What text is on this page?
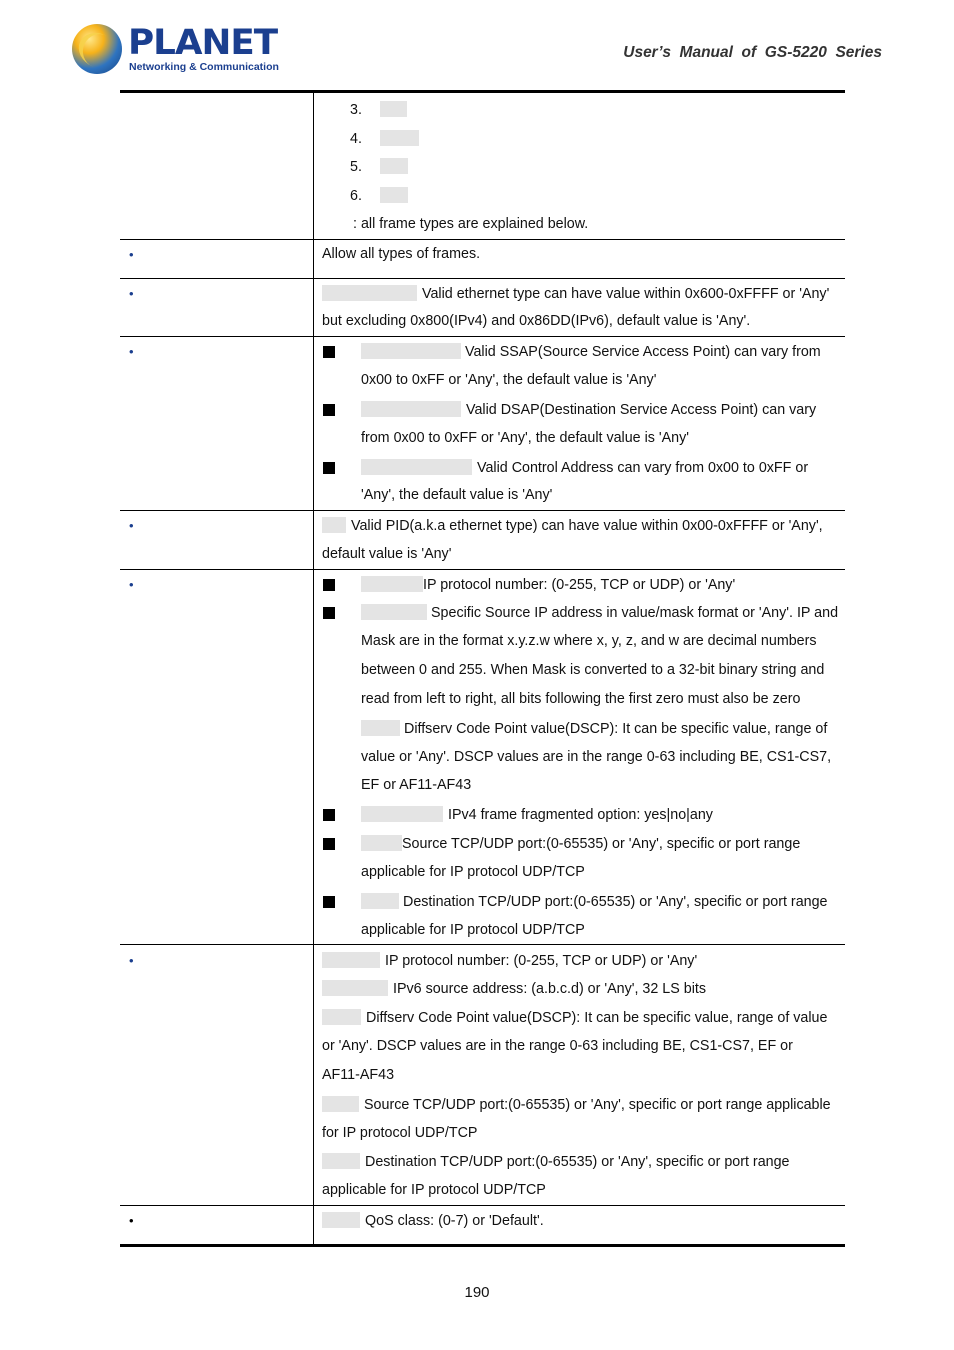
PLANET
Networking & Communication
User’s  Manual  of  GS-5220  Series
3.
4.
5.
6.
: all frame types are explained below.
•	Allow all types of frames.
•	Valid ethernet type can have value within 0x600-0xFFFF or 'Any'
but excluding 0x800(IPv4) and 0x86DD(IPv6), default value is 'Any'.
•	Valid SSAP(Source Service Access Point) can vary from
0x00 to 0xFF or 'Any', the default value is 'Any'
Valid DSAP(Destination Service Access Point) can vary
from 0x00 to 0xFF or 'Any', the default value is 'Any'
Valid Control Address can vary from 0x00 to 0xFF or
'Any', the default value is 'Any'
•	Valid PID(a.k.a ethernet type) can have value within 0x00-0xFFFF or 'Any',
default value is 'Any'
•	IP protocol number: (0-255, TCP or UDP) or 'Any'
Specific Source IP address in value/mask format or 'Any'. IP and
Mask are in the format x.y.z.w where x, y, z, and w are decimal numbers
between 0 and 255. When Mask is converted to a 32-bit binary string and
read from left to right, all bits following the first zero must also be zero
Diffserv Code Point value(DSCP): It can be specific value, range of
value or 'Any'. DSCP values are in the range 0-63 including BE, CS1-CS7,
EF or AF11-AF43
IPv4 frame fragmented option: yes|no|any
Source TCP/UDP port:(0-65535) or 'Any', specific or port range
applicable for IP protocol UDP/TCP
Destination TCP/UDP port:(0-65535) or 'Any', specific or port range
applicable for IP protocol UDP/TCP
•	IP protocol number: (0-255, TCP or UDP) or 'Any'
IPv6 source address: (a.b.c.d) or 'Any', 32 LS bits
Diffserv Code Point value(DSCP): It can be specific value, range of value
or 'Any'. DSCP values are in the range 0-63 including BE, CS1-CS7, EF or
AF11-AF43
Source TCP/UDP port:(0-65535) or 'Any', specific or port range applicable
for IP protocol UDP/TCP
Destination TCP/UDP port:(0-65535) or 'Any', specific or port range
applicable for IP protocol UDP/TCP
•	QoS class: (0-7) or 'Default'.
190
